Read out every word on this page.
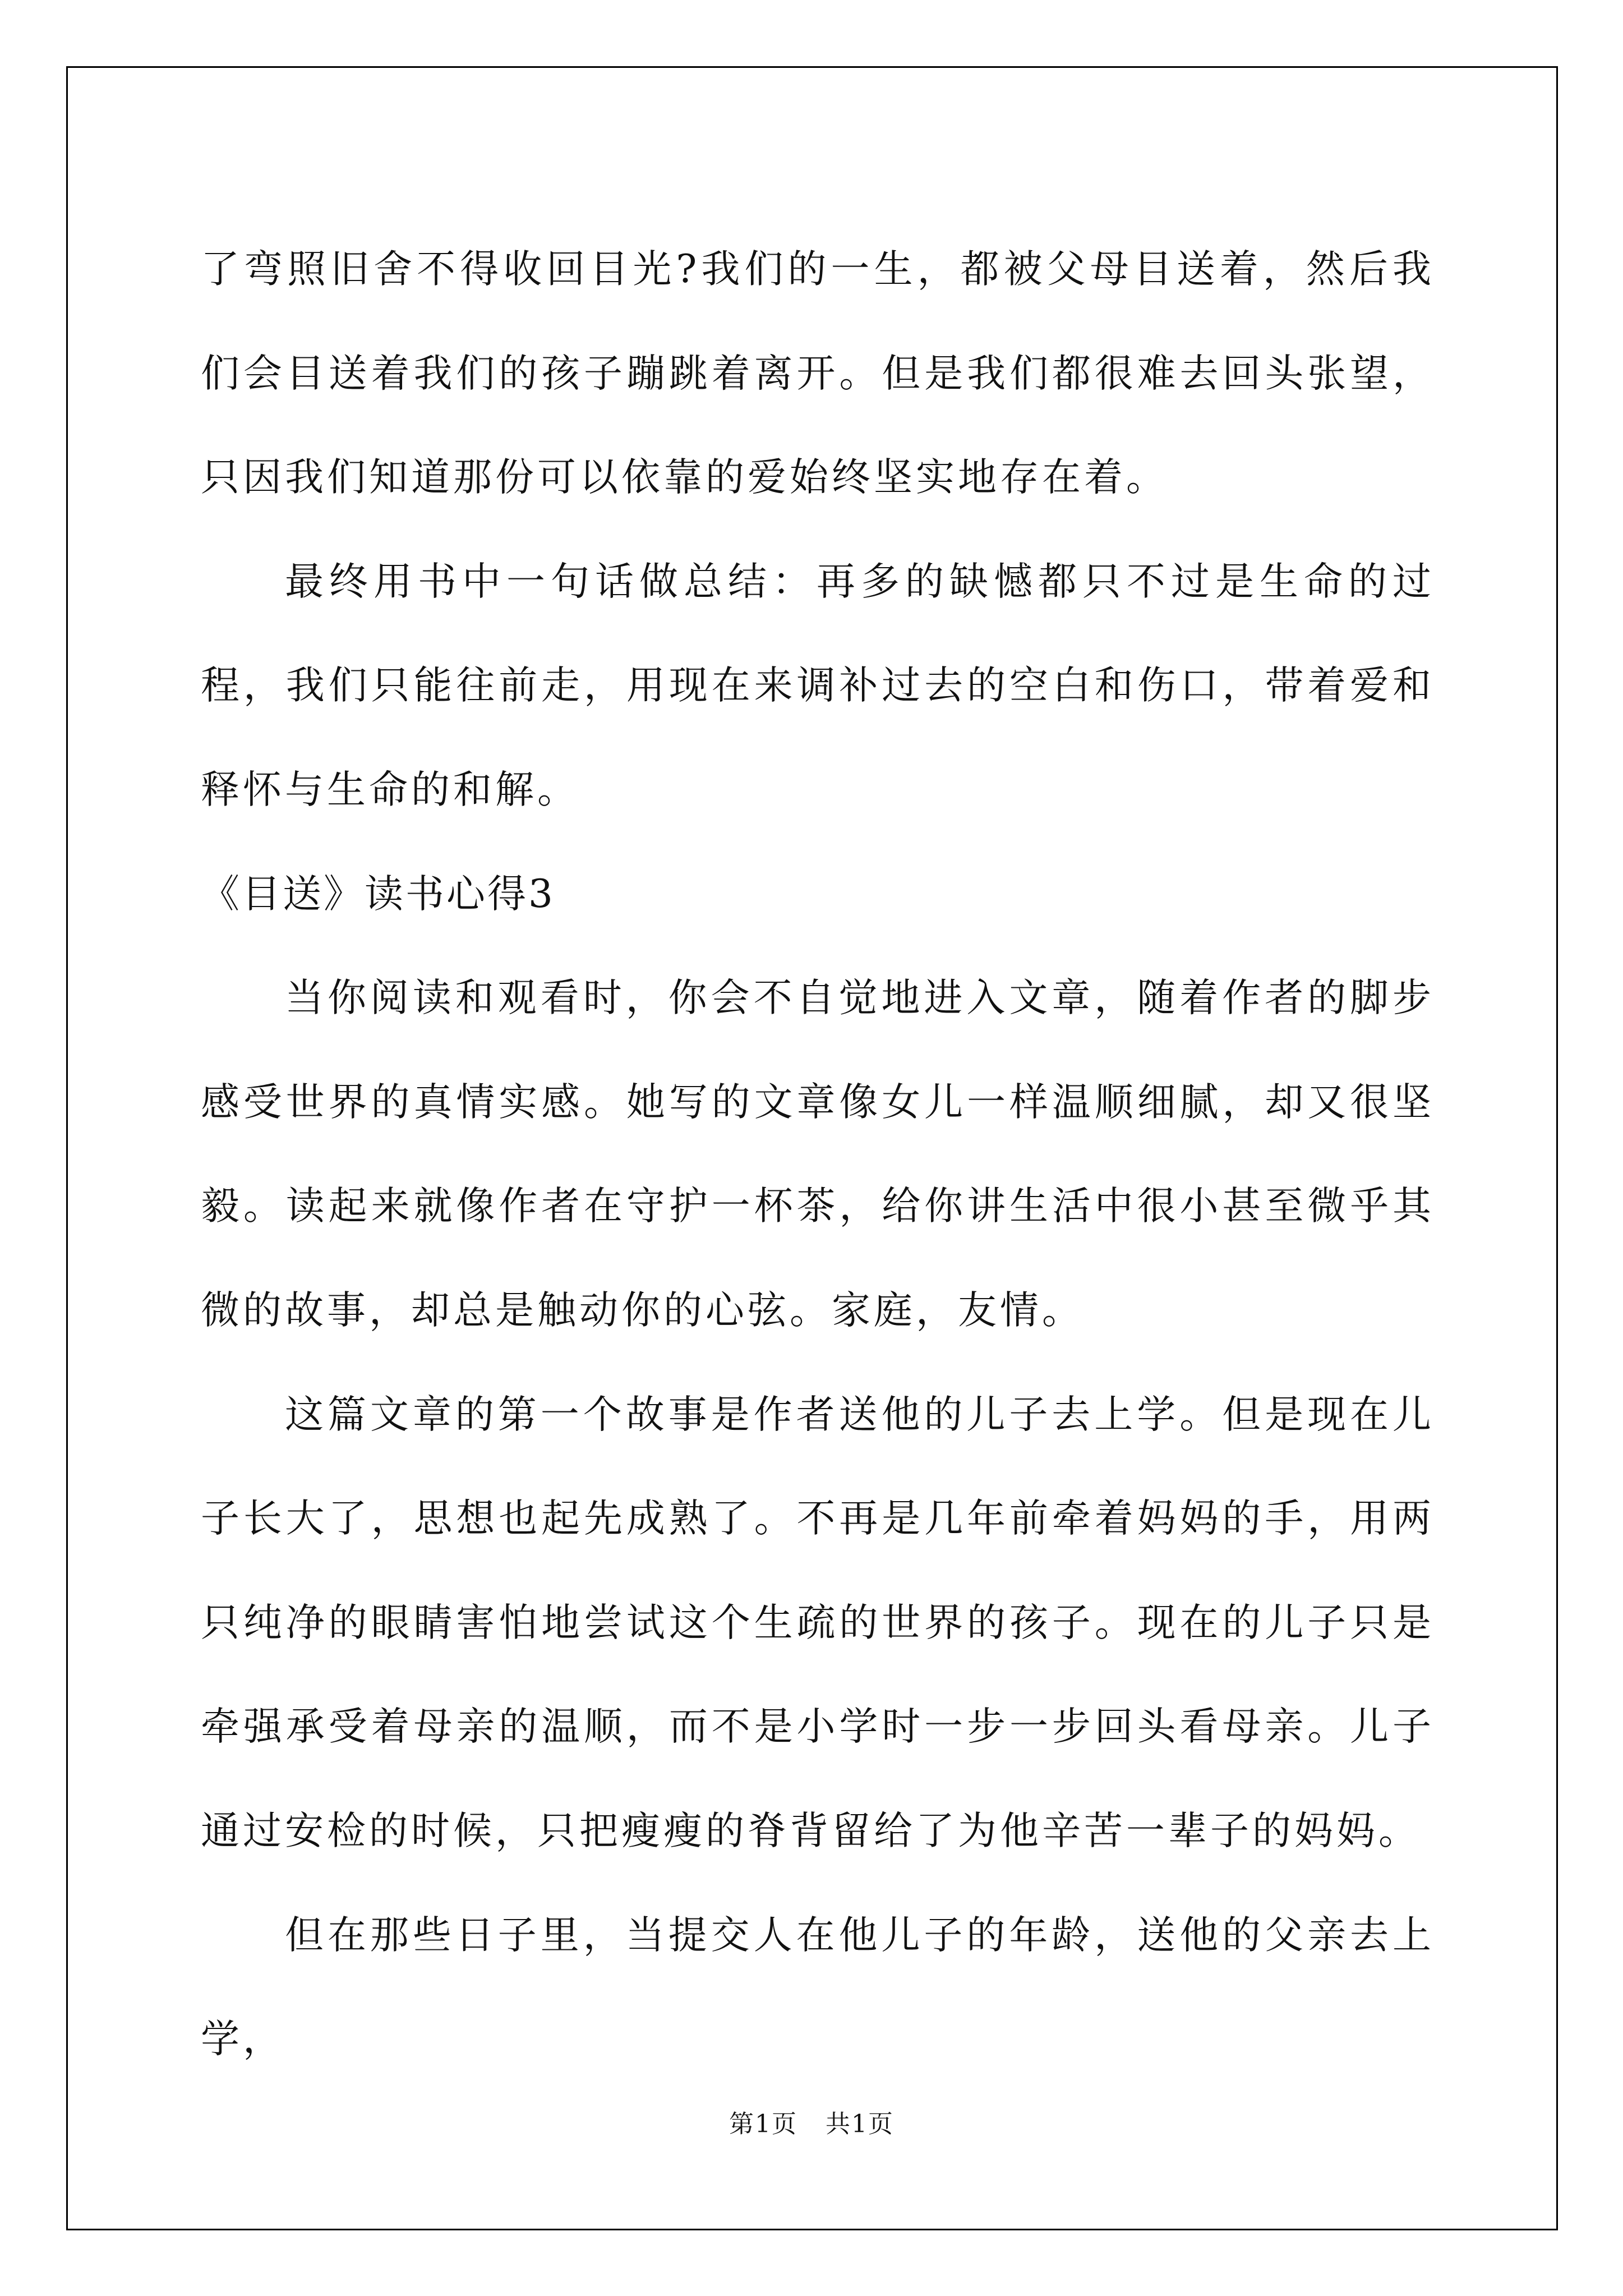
了弯照旧舍不得收回目光?我们的一生，都被父母目送着，然后我们会目送着我们的孩子蹦跳着离开。但是我们都很难去回头张望，只因我们知道那份可以依靠的爱始终坚实地存在着。

最终用书中一句话做总结：再多的缺憾都只不过是生命的过程，我们只能往前走，用现在来调补过去的空白和伤口，带着爱和释怀与生命的和解。

《目送》读书心得3

当你阅读和观看时，你会不自觉地进入文章，随着作者的脚步感受世界的真情实感。她写的文章像女儿一样温顺细腻，却又很坚毅。读起来就像作者在守护一杯茶，给你讲生活中很小甚至微乎其微的故事，却总是触动你的心弦。家庭，友情。

这篇文章的第一个故事是作者送他的儿子去上学。但是现在儿子长大了，思想也起先成熟了。不再是几年前牵着妈妈的手，用两只纯净的眼睛害怕地尝试这个生疏的世界的孩子。现在的儿子只是牵强承受着母亲的温顺，而不是小学时一步一步回头看母亲。儿子通过安检的时候，只把瘦瘦的脊背留给了为他辛苦一辈子的妈妈。

但在那些日子里，当提交人在他儿子的年龄，送他的父亲去上学，

第1页 共1页
